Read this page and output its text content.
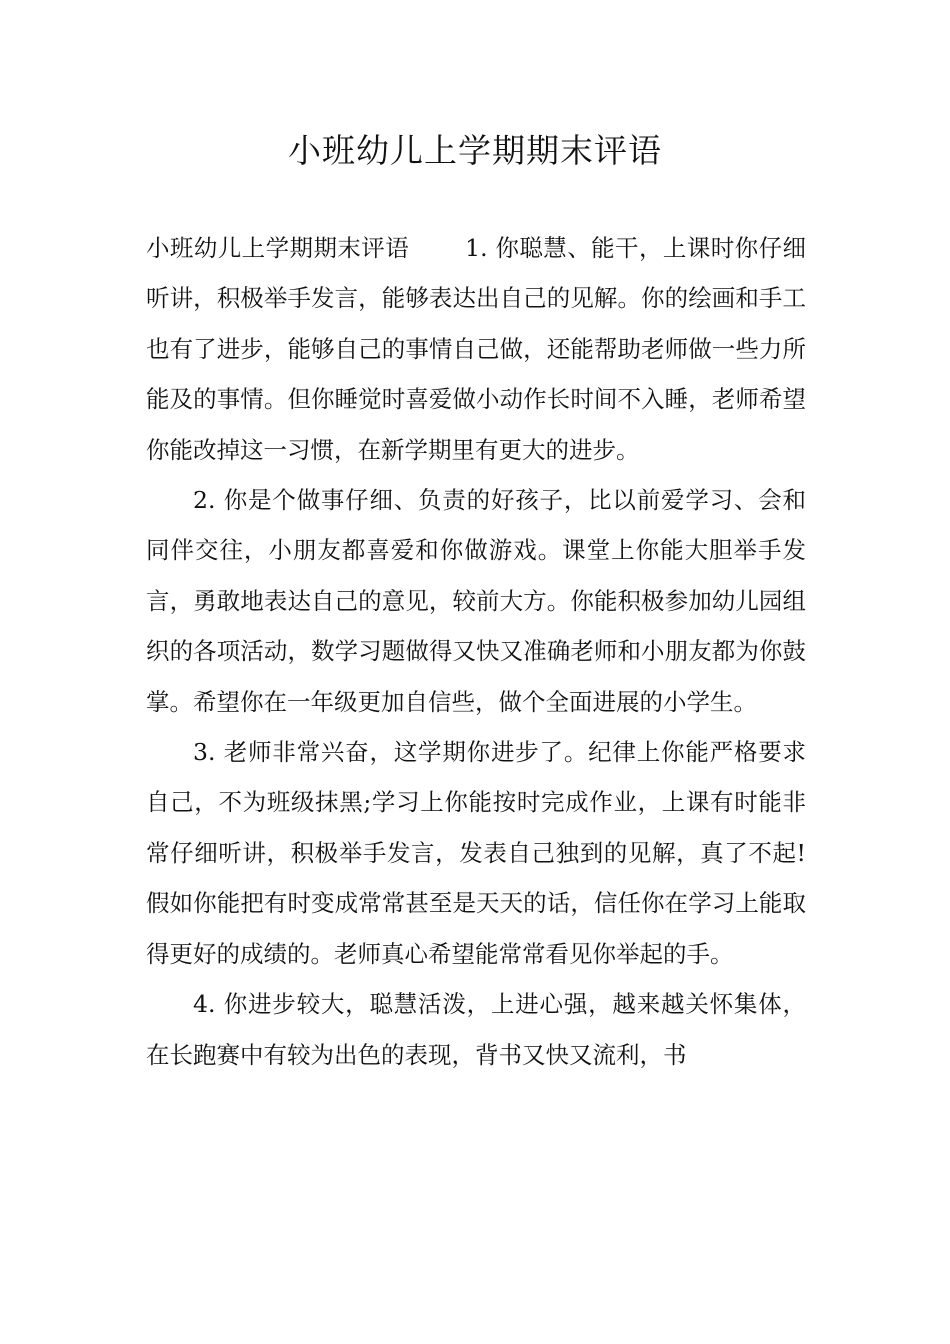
小班幼儿上学期期末评语

小班幼儿上学期期末评语 1. 你聪慧、能干，上课时你仔细听讲，积极举手发言，能够表达出自己的见解。你的绘画和手工也有了进步，能够自己的事情自己做，还能帮助老师做一些力所能及的事情。但你睡觉时喜爱做小动作长时间不入睡，老师希望你能改掉这一习惯，在新学期里有更大的进步。

2. 你是个做事仔细、负责的好孩子，比以前爱学习、会和同伴交往，小朋友都喜爱和你做游戏。课堂上你能大胆举手发言，勇敢地表达自己的意见，较前大方。你能积极参加幼儿园组织的各项活动，数学习题做得又快又准确老师和小朋友都为你鼓掌。希望你在一年级更加自信些，做个全面进展的小学生。

3. 老师非常兴奋，这学期你进步了。纪律上你能严格要求自己，不为班级抹黑;学习上你能按时完成作业，上课有时能非常仔细听讲，积极举手发言，发表自己独到的见解，真了不起!假如你能把有时变成常常甚至是天天的话，信任你在学习上能取得更好的成绩的。老师真心希望能常常看见你举起的手。

4. 你进步较大，聪慧活泼，上进心强，越来越关怀集体，在长跑赛中有较为出色的表现，背书又快又流利，书
